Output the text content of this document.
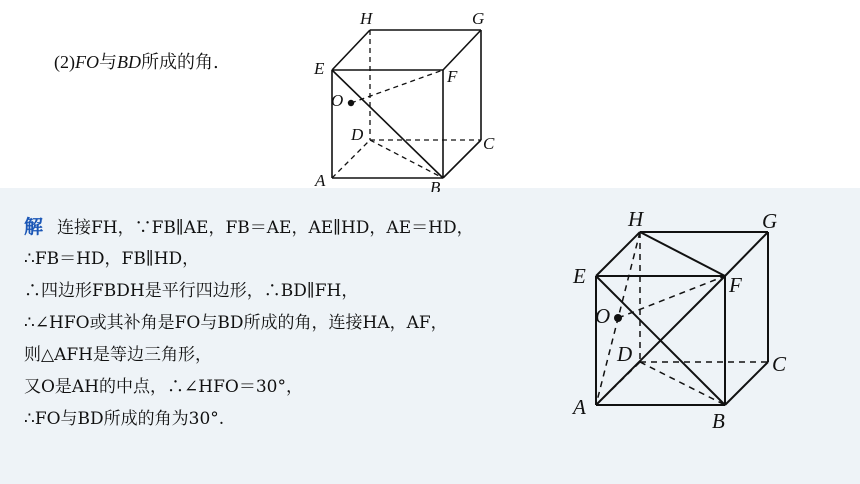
(2)FO与BD所成的角.
H	G
E	F
O
D	C
A	B
解 连接FH，∵FB∥AE，FB＝AE，AE∥HD，AE＝HD，
∴FB＝HD，FB∥HD，
∴四边形FBDH是平行四边形，∴BD∥FH，
∴∠HFO或其补角是FO与BD所成的角，连接HA，AF，
则△AFH是等边三角形，
又O是AH的中点，∴∠HFO＝30°，
∴FO与BD所成的角为30°.
H	G
E	F
O
D	C
A
B
